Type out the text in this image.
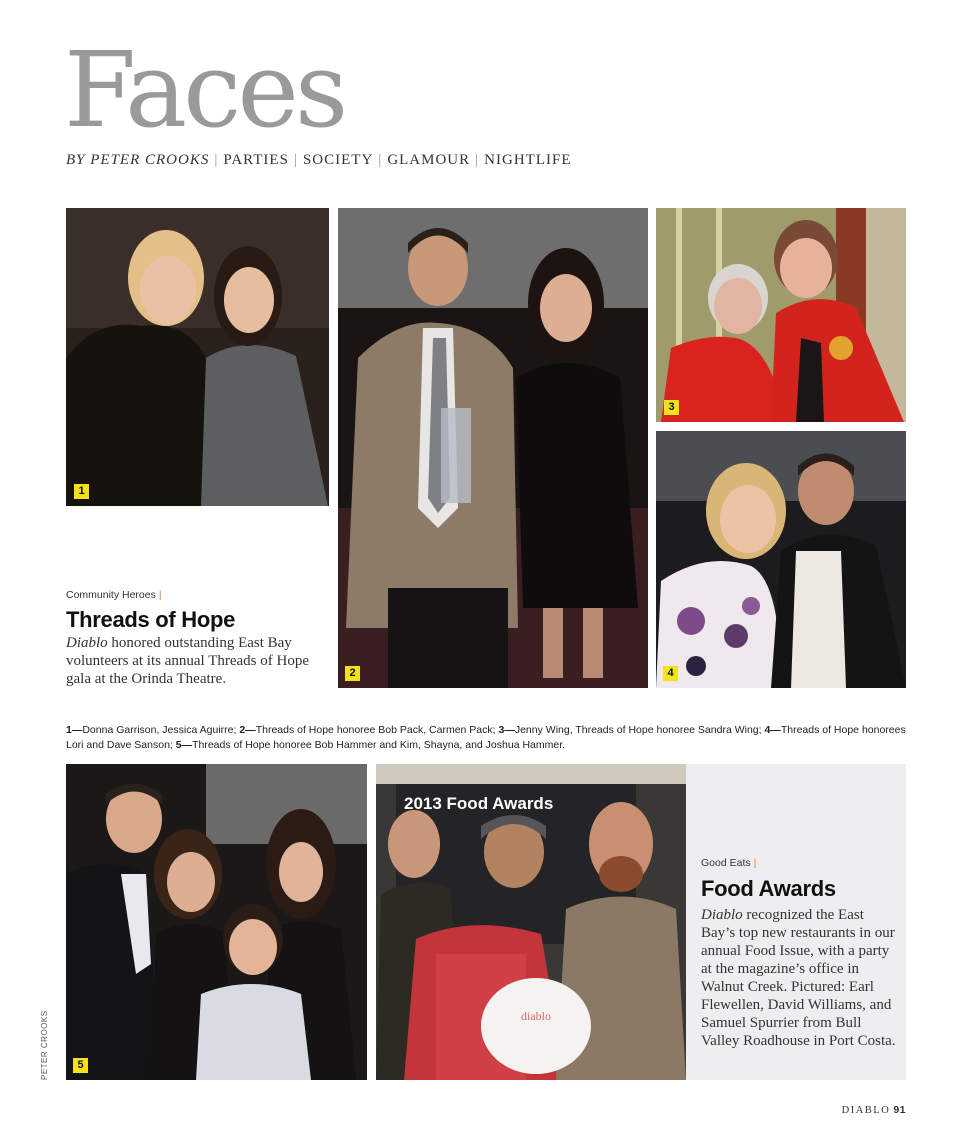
Faces
BY PETER CROOKS | PARTIES | SOCIETY | GLAMOUR | NIGHTLIFE
1
2
3
4
Community Heroes |
Threads of Hope
Diablo honored outstanding East Bay volunteers at its annual Threads of Hope gala at the Orinda Theatre.
1—Donna Garrison, Jessica Aguirre; 2—Threads of Hope honoree Bob Pack, Carmen Pack; 3—Jenny Wing, Threads of Hope honoree Sandra Wing; 4—Threads of Hope honorees Lori and Dave Sanson; 5—Threads of Hope honoree Bob Hammer and Kim, Shayna, and Joshua Hammer.
5
2013 Food Awards
diablo
Good Eats |
Food Awards
Diablo recognized the East Bay’s top new restaurants in our annual Food Issue, with a party at the magazine’s office in Walnut Creek. Pictured: Earl Flewellen, David Williams, and Samuel Spurrier from Bull Valley Roadhouse in Port Costa.
PETER CROOKS
DIABLO 91
